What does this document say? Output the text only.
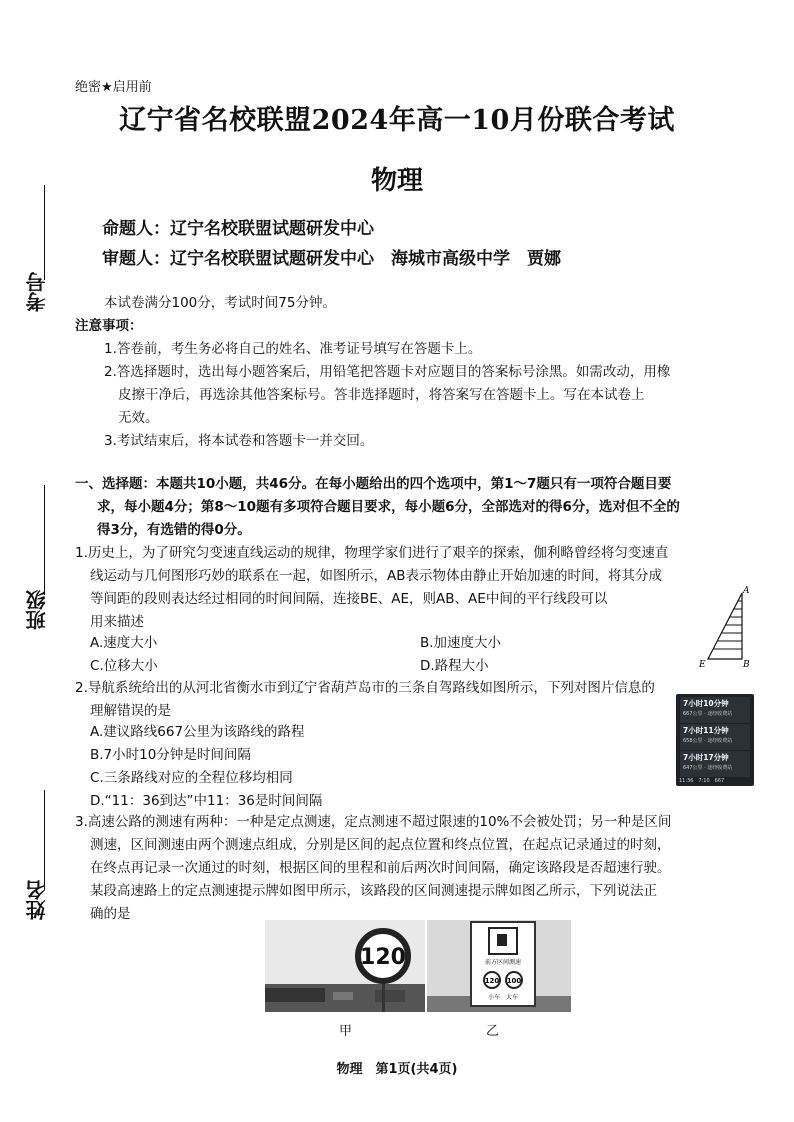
绝密★启用前
辽宁省名校联盟2024年高一10月份联合考试
物理
命题人：辽宁名校联盟试题研发中心
审题人：辽宁名校联盟试题研发中心　海城市高级中学　贾娜
考号
班级
姓名
本试卷满分100分，考试时间75分钟。
注意事项：
1.答卷前，考生务必将自己的姓名、准考证号填写在答题卡上。
2.答选择题时，选出每小题答案后，用铅笔把答题卡对应题目的答案标号涂黑。如需改动，用橡
皮擦干净后，再选涂其他答案标号。答非选择题时，将答案写在答题卡上。写在本试卷上
无效。
3.考试结束后，将本试卷和答题卡一并交回。
一、选择题：本题共10小题，共46分。在每小题给出的四个选项中，第1～7题只有一项符合题目要
求，每小题4分；第8～10题有多项符合题目要求，每小题6分，全部选对的得6分，选对但不全的
得3分，有选错的得0分。
1.历史上，为了研究匀变速直线运动的规律，物理学家们进行了艰辛的探索，伽利略曾经将匀变速直
线运动与几何图形巧妙的联系在一起，如图所示，AB表示物体由静止开始加速的时间，将其分成
等间距的段则表达经过相同的时间间隔，连接BE、AE，则AB、AE中间的平行线段可以
用来描述
A.速度大小	B.加速度大小
C.位移大小	D.路程大小
A
E	B
2.导航系统给出的从河北省衡水市到辽宁省葫芦岛市的三条自驾路线如图所示，下列对图片信息的
理解错误的是
A.建议路线667公里为该路线的路程
B.7小时10分钟是时间间隔
C.三条路线对应的全程位移均相同
D.“11：36到达”中11：36是时间间隔
7小时10分钟
667公里 · 途经收费站
7小时11分钟
658公里 · 途经收费站
7小时17分钟
647公里 · 途经收费站
11:36　7:10　667
3.高速公路的测速有两种：一种是定点测速，定点测速不超过限速的10%不会被处罚；另一种是区间
测速，区间测速由两个测速点组成，分别是区间的起点位置和终点位置，在起点记录通过的时刻，
在终点再记录一次通过的时刻，根据区间的里程和前后两次时间间隔，确定该路段是否超速行驶。
某段高速路上的定点测速提示牌如图甲所示，该路段的区间测速提示牌如图乙所示，下列说法正
确的是
120	前方区间测速
120 100
小车　大车
甲	乙
物理　第1页(共4页)
